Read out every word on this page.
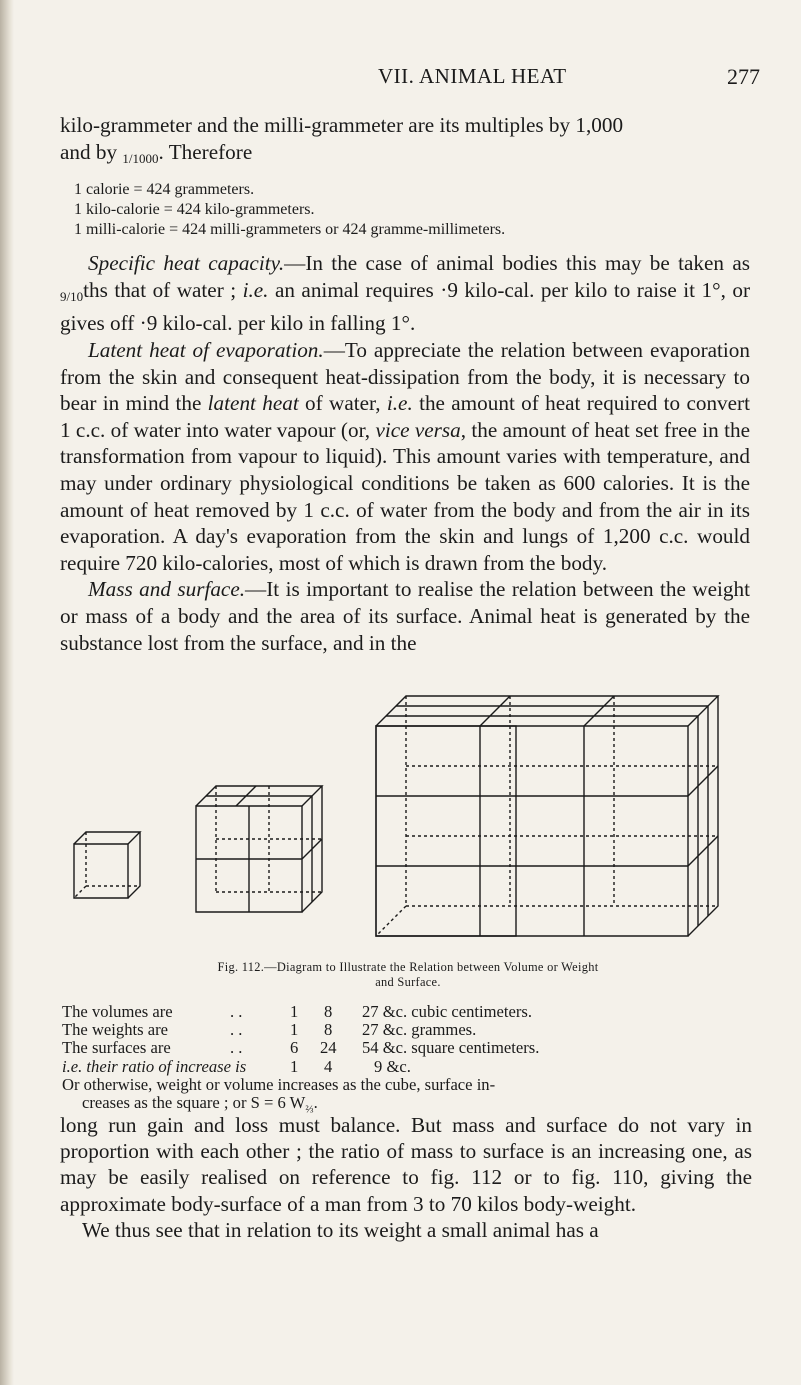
VII. ANIMAL HEAT	277

kilo-grammeter and the milli-grammeter are its multiples by 1,000
and by 1/1000. Therefore

1 calorie = 424 grammeters.
1 kilo-calorie = 424 kilo-grammeters.
1 milli-calorie = 424 milli-grammeters or 424 gramme-millimeters.

Specific heat capacity.—In the case of animal bodies this may be taken as 9/10ths that of water ; i.e. an animal requires ·9 kilo-cal. per kilo to raise it 1°, or gives off ·9 kilo-cal. per kilo in falling 1°.

Latent heat of evaporation.—To appreciate the relation between evaporation from the skin and consequent heat-dissipation from the body, it is necessary to bear in mind the latent heat of water, i.e. the amount of heat required to convert 1 c.c. of water into water vapour (or, vice versa, the amount of heat set free in the transformation from vapour to liquid). This amount varies with temperature, and may under ordinary physiological conditions be taken as 600 calories. It is the amount of heat removed by 1 c.c. of water from the body and from the air in its evaporation. A day's evaporation from the skin and lungs of 1,200 c.c. would require 720 kilo-calories, most of which is drawn from the body.

Mass and surface.—It is important to realise the relation between the weight or mass of a body and the area of its surface. Animal heat is generated by the substance lost from the surface, and in the

Fig. 112.—Diagram to Illustrate the Relation between Volume or Weight
and Surface.
The volumes are	. .	1 8 27 &c. cubic centimeters.
The weights are	. .	1 8 27 &c. grammes.
The surfaces are	. .	6 24 54 &c. square centimeters.
i.e. their ratio of increase is	1 4	9 &c.
Or otherwise, weight or volume increases as the cube, surface in-
creases as the square ; or S = 6 $W_{\frac{2}{3}}$.

long run gain and loss must balance. But mass and surface do not vary in proportion with each other ; the ratio of mass to surface is an increasing one, as may be easily realised on reference to fig. 112 or to fig. 110, giving the approximate body-surface of a man from 3 to 70 kilos body-weight.

We thus see that in relation to its weight a small animal has a
